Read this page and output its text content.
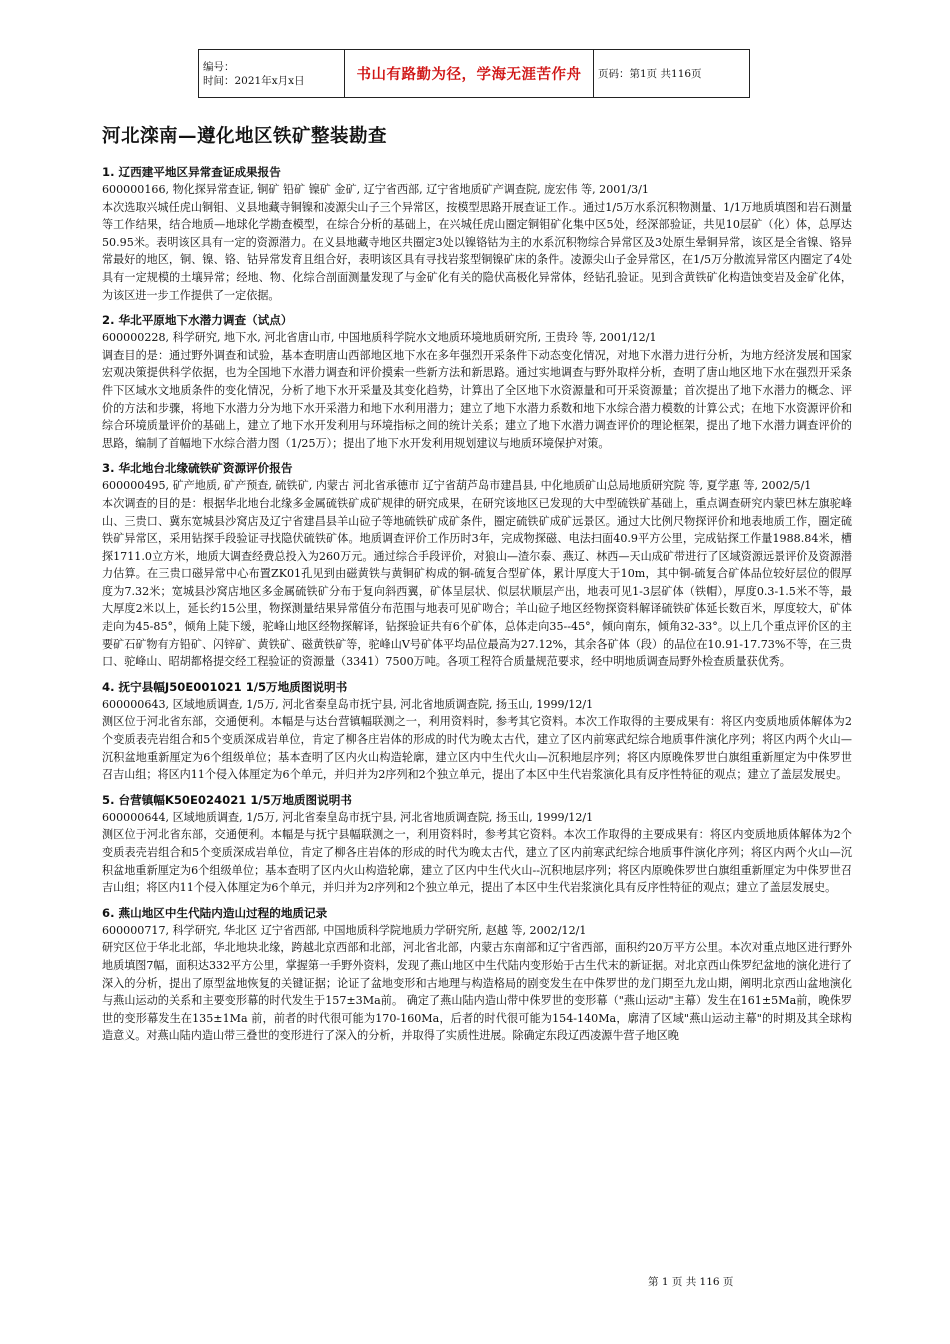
编号：
时间：2021年x月x日	书山有路勤为径，学海无涯苦作舟	页码：第1页 共116页
河北滦南—遵化地区铁矿整装勘查
1. 辽西建平地区异常查证成果报告
600000166, 物化探异常查证, 铜矿 铅矿 镍矿 金矿, 辽宁省西部, 辽宁省地质矿产调查院, 庞宏伟 等, 2001/3/1
本次选取兴城任虎山铜钼、义县地藏寺铜镍和凌源尖山子三个异常区，按模型思路开展查证工作.。通过1/5万水系沉积物测量、1/1万地质填图和岩石测量等工作结果，结合地质—地球化学勘查模型，在综合分析的基础上，在兴城任虎山圈定铜钼矿化集中区5处，经深部验证，共见10层矿（化）体，总厚达50.95米。表明该区具有一定的资源潜力。在义县地藏寺地区共圈定3处以镍铬钴为主的水系沉积物综合异常区及3处原生晕铜异常，该区是全省镍、铬异常最好的地区，铜、镍、铬、钴异常发育且组合好，表明该区具有寻找岩浆型铜镍矿床的条件。凌源尖山子金异常区，在1/5万分散流异常区内圈定了4处具有一定规模的土壤异常；经地、物、化综合剖面测量发现了与金矿化有关的隐伏高极化异常体，经钻孔验证。见到含黄铁矿化构造蚀变岩及金矿化体，为该区进一步工作提供了一定依据。
2. 华北平原地下水潜力调查（试点）
600000228, 科学研究, 地下水, 河北省唐山市, 中国地质科学院水文地质环境地质研究所, 王贵玲 等, 2001/12/1
调查目的是：通过野外调查和试验，基本查明唐山西部地区地下水在多年强烈开采条件下动态变化情况，对地下水潜力进行分析，为地方经济发展和国家宏观决策提供科学依据，也为全国地下水潜力调查和评价摸索一些新方法和新思路。通过实地调查与野外取样分析，查明了唐山地区地下水在强烈开采条件下区域水文地质条件的变化情况，分析了地下水开采量及其变化趋势，计算出了全区地下水资源量和可开采资源量；首次提出了地下水潜力的概念、评价的方法和步骤，将地下水潜力分为地下水开采潜力和地下水利用潜力；建立了地下水潜力系数和地下水综合潜力模数的计算公式；在地下水资源评价和综合环境质量评价的基础上，建立了地下水开发利用与环境指标之间的统计关系；建立了地下水潜力调查评价的理论框架，提出了地下水潜力调查评价的思路，编制了首幅地下水综合潜力图（1/25万）；提出了地下水开发利用规划建议与地质环境保护对策。
3. 华北地台北缘硫铁矿资源评价报告
600000495, 矿产地质, 矿产预查, 硫铁矿, 内蒙古 河北省承德市 辽宁省葫芦岛市建昌县, 中化地质矿山总局地质研究院 等, 夏学惠 等, 2002/5/1
本次调查的目的是：根据华北地台北缘多金属硫铁矿成矿规律的研究成果，在研究该地区已发现的大中型硫铁矿基础上，重点调查研究内蒙巴林左旗驼峰山、三贵口、冀东宽城县沙窝店及辽宁省建昌县羊山砬子等地硫铁矿成矿条件，圈定硫铁矿成矿远景区。通过大比例尺物探评价和地表地质工作，圈定硫铁矿异常区，采用钻探手段验证寻找隐伏硫铁矿体。地质调查评价工作历时3年，完成物探磁、电法扫面40.9平方公里，完成钻探工作量1988.84米，槽探1711.0立方米，地质大调查经费总投入为260万元。通过综合手段评价，对狼山—渣尔泰、燕辽、林西—天山成矿带进行了区域资源远景评价及资源潜力估算。在三贵口磁异常中心布置ZK01孔见到由磁黄铁与黄铜矿构成的铜-硫复合型矿体，累计厚度大于10m，其中铜-硫复合矿体品位较好层位的假厚度为7.32米；宽城县沙窝店地区多金属硫铁矿分布于复向斜西翼，矿体呈层状、似层状顺层产出，地表可见1-3层矿体（铁帽），厚度0.3-1.5米不等，最大厚度2米以上，延长约15公里，物探测量结果异常值分布范围与地表可见矿吻合；羊山砬子地区经物探资料解译硫铁矿体延长数百米，厚度较大，矿体走向为45-85°，倾角上陡下缓，驼峰山地区经物探解译，钻探验证共有6个矿体，总体走向35--45°，倾向南东，倾角32-33°。以上几个重点评价区的主要矿石矿物有方铅矿、闪锌矿、黄铁矿、磁黄铁矿等，驼峰山Ⅴ号矿体平均品位最高为27.12%，其余各矿体（段）的品位在10.91-17.73%不等，在三贵口、驼峰山、昭胡都格提交经工程验证的资源量（3341）7500万吨。各项工程符合质量规范要求，经中明地质调查局野外检查质量获优秀。
4. 抚宁县幅J50E001021 1/5万地质图说明书
600000643, 区域地质调查, 1/5万, 河北省秦皇岛市抚宁县, 河北省地质调查院, 扬玉山, 1999/12/1
测区位于河北省东部，交通便利。本幅是与达台营镇幅联测之一，利用资料时，参考其它资料。本次工作取得的主要成果有：将区内变质地质体解体为2个变质表壳岩组合和5个变质深成岩单位，肯定了柳各庄岩体的形成的时代为晚太古代，建立了区内前寒武纪综合地质事件演化序列；将区内两个火山—沉积盆地重新厘定为6个组级单位；基本查明了区内火山构造轮廓，建立区内中生代火山—沉积地层序列；将区内原晚侏罗世白旗组重新厘定为中侏罗世召吉山组；将区内11个侵入体厘定为6个单元，并归并为2序列和2个独立单元，提出了本区中生代岩浆演化具有反序性特征的观点；建立了盖层发展史。
5. 台营镇幅K50E024021 1/5万地质图说明书
600000644, 区域地质调查, 1/5万, 河北省秦皇岛市抚宁县, 河北省地质调查院, 扬玉山, 1999/12/1
测区位于河北省东部，交通便利。本幅是与抚宁县幅联测之一，利用资料时，参考其它资料。本次工作取得的主要成果有：将区内变质地质体解体为2个变质表壳岩组合和5个变质深成岩单位，肯定了柳各庄岩体的形成的时代为晚太古代，建立了区内前寒武纪综合地质事件演化序列；将区内两个火山—沉积盆地重新厘定为6个组级单位；基本查明了区内火山构造轮廓，建立了区内中生代火山--沉积地层序列；将区内原晚侏罗世白旗组重新厘定为中侏罗世召吉山组；将区内11个侵入体厘定为6个单元，并归并为2序列和2个独立单元，提出了本区中生代岩浆演化具有反序性特征的观点；建立了盖层发展史。
6. 燕山地区中生代陆内造山过程的地质记录
600000717, 科学研究, 华北区 辽宁省西部, 中国地质科学院地质力学研究所, 赵越 等, 2002/12/1
研究区位于华北北部，华北地块北缘，跨越北京西部和北部，河北省北部，内蒙古东南部和辽宁省西部，面积约20万平方公里。本次对重点地区进行野外地质填图7幅，面积达332平方公里，掌握第一手野外资料，发现了燕山地区中生代陆内变形始于古生代末的新证据。对北京西山侏罗纪盆地的演化进行了深入的分析，提出了原型盆地恢复的关键证据；论证了盆地变形和古地理与构造格局的剧变发生在中侏罗世的龙门期至九龙山期，阐明北京西山盆地演化与燕山运动的关系和主要变形幕的时代发生于157±3Ma前。 确定了燕山陆内造山带中侏罗世的变形幕（"燕山运动"主幕）发生在161±5Ma前，晚侏罗世的变形幕发生在135±1Ma 前，前者的时代很可能为170-160Ma，后者的时代很可能为154-140Ma，廓清了区域"燕山运动主幕"的时期及其全球构造意义。对燕山陆内造山带三叠世的变形进行了深入的分析，并取得了实质性进展。除确定东段辽西凌源牛营子地区晚
第 1 页 共 116 页
